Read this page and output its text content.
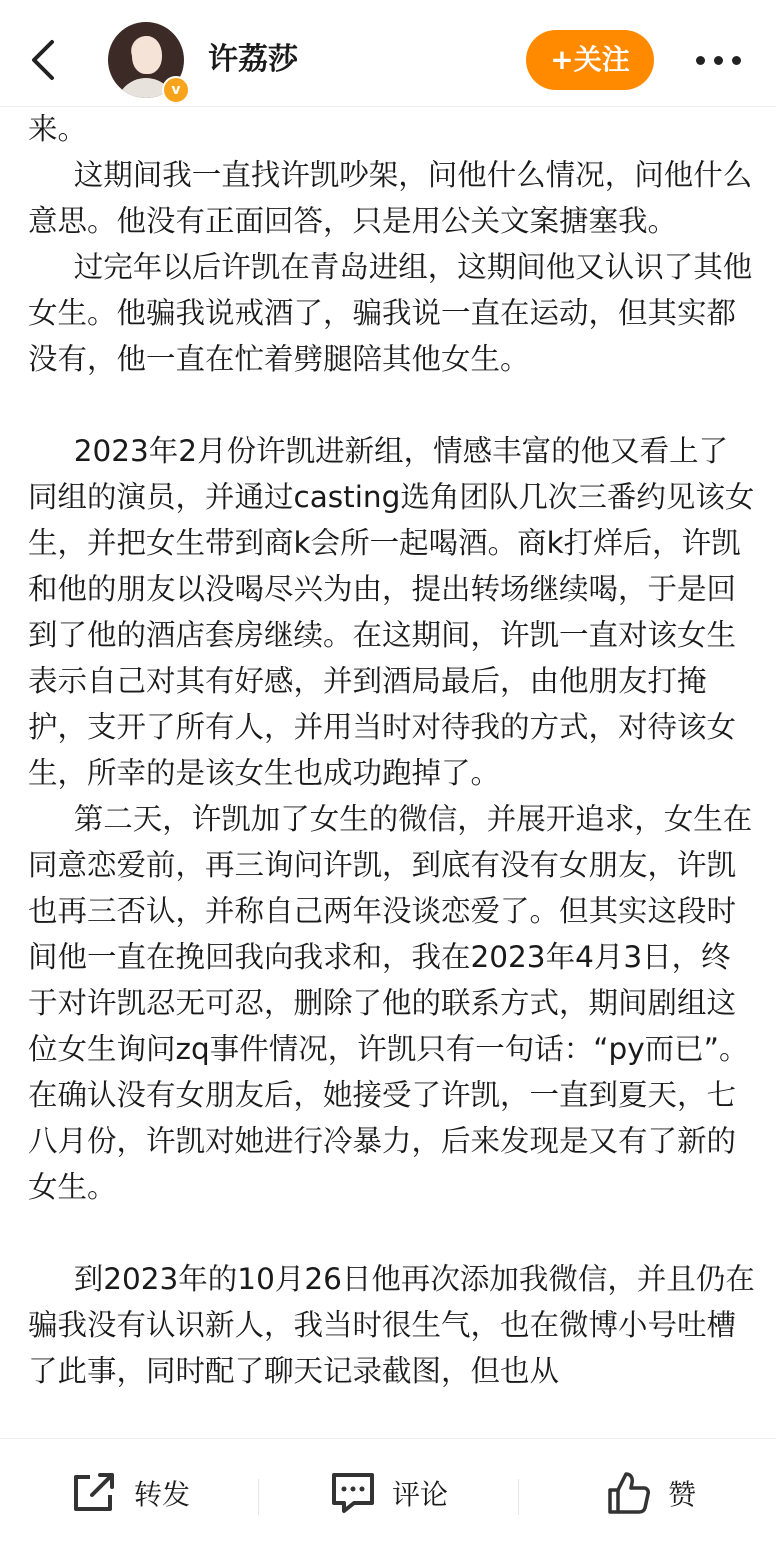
v
许荔莎	+关注

来。

这期间我一直找许凯吵架，问他什么情况，问他什么意思。他没有正面回答，只是用公关文案搪塞我。

过完年以后许凯在青岛进组，这期间他又认识了其他女生。他骗我说戒酒了，骗我说一直在运动，但其实都没有，他一直在忙着劈腿陪其他女生。

2023年2月份许凯进新组，情感丰富的他又看上了同组的演员，并通过casting选角团队几次三番约见该女生，并把女生带到商k会所一起喝酒。商k打烊后，许凯和他的朋友以没喝尽兴为由，提出转场继续喝，于是回到了他的酒店套房继续。在这期间，许凯一直对该女生表示自己对其有好感，并到酒局最后，由他朋友打掩护，支开了所有人，并用当时对待我的方式，对待该女生，所幸的是该女生也成功跑掉了。

第二天，许凯加了女生的微信，并展开追求，女生在同意恋爱前，再三询问许凯，到底有没有女朋友，许凯也再三否认，并称自己两年没谈恋爱了。但其实这段时间他一直在挽回我向我求和，我在2023年4月3日，终于对许凯忍无可忍，删除了他的联系方式，期间剧组这位女生询问zq事件情况，许凯只有一句话：“py而已”。在确认没有女朋友后，她接受了许凯，一直到夏天，七八月份，许凯对她进行冷暴力，后来发现是又有了新的女生。

到2023年的10月26日他再次添加我微信，并且仍在骗我没有认识新人，我当时很生气，也在微博小号吐槽了此事，同时配了聊天记录截图，但也从

转发	评论	赞
